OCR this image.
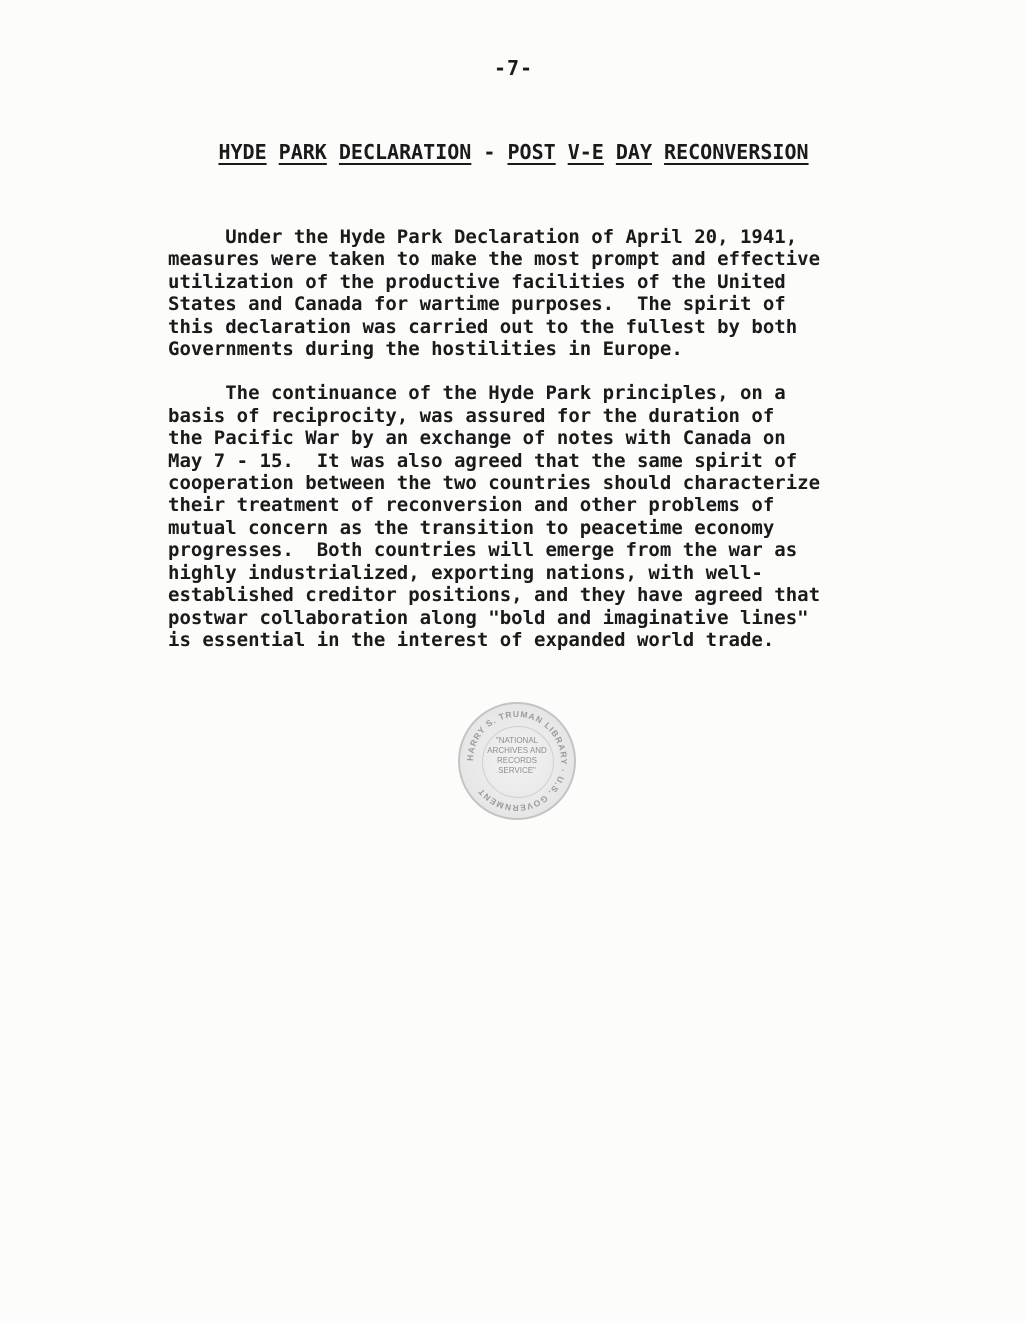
-7-
HYDE PARK DECLARATION - POST V-E DAY RECONVERSION
Under the Hyde Park Declaration of April 20, 1941,
measures were taken to make the most prompt and effective
utilization of the productive facilities of the United
States and Canada for wartime purposes.  The spirit of
this declaration was carried out to the fullest by both
Governments during the hostilities in Europe.
The continuance of the Hyde Park principles, on a
basis of reciprocity, was assured for the duration of
the Pacific War by an exchange of notes with Canada on
May 7 - 15.  It was also agreed that the same spirit of
cooperation between the two countries should characterize
their treatment of reconversion and other problems of
mutual concern as the transition to peacetime economy
progresses.  Both countries will emerge from the war as
highly industrialized, exporting nations, with well-
established creditor positions, and they have agreed that
postwar collaboration along "bold and imaginative lines"
is essential in the interest of expanded world trade.
HARRY S. TRUMAN LIBRARY · U.S. GOVERNMENT
"NATIONAL
ARCHIVES AND
RECORDS
SERVICE"
